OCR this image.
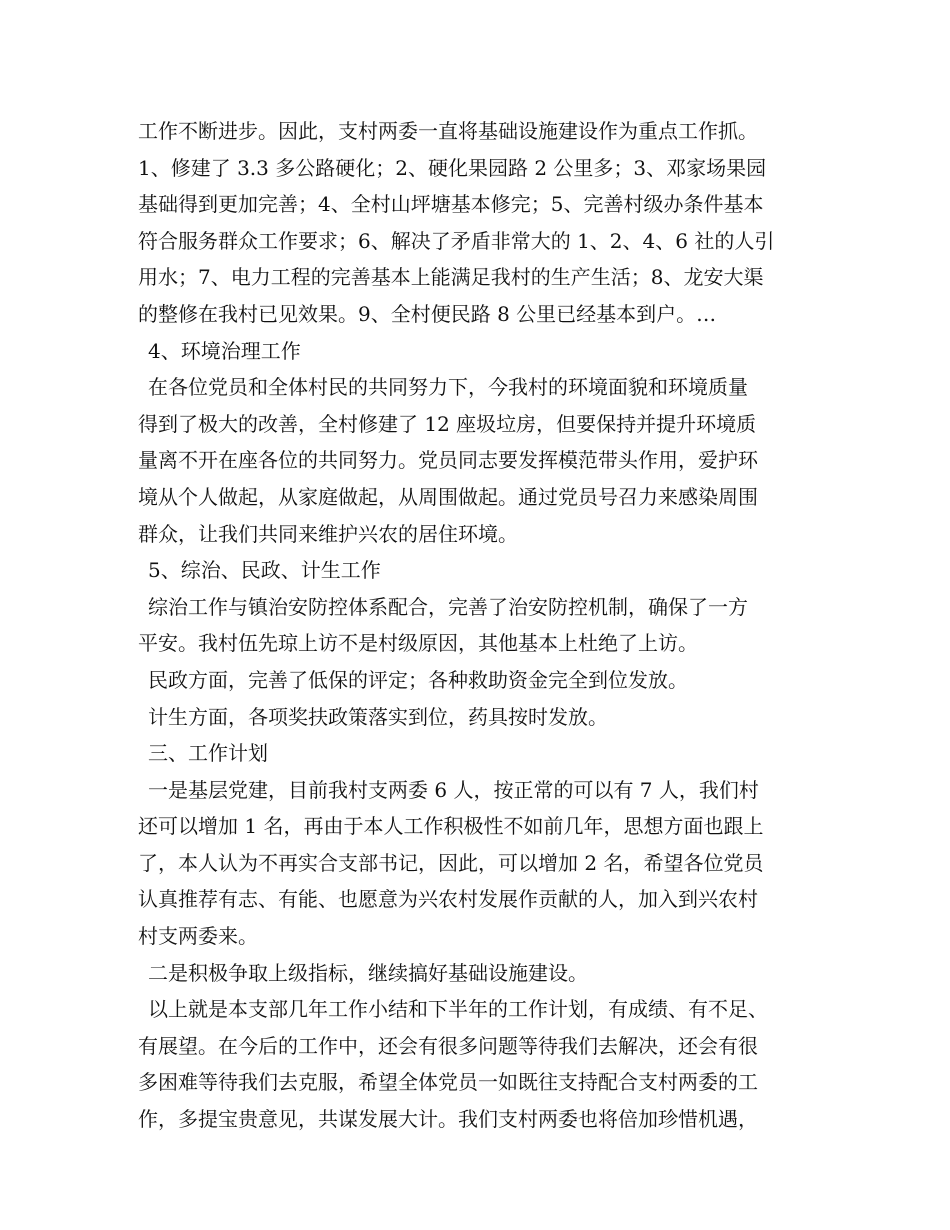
工作不断进步。因此，支村两委一直将基础设施建设作为重点工作抓。
1、修建了 3.3 多公路硬化；2、硬化果园路 2 公里多；3、邓家场果园
基础得到更加完善；4、全村山坪塘基本修完；5、完善村级办条件基本
符合服务群众工作要求；6、解决了矛盾非常大的 1、2、4、6 社的人引
用水；7、电力工程的完善基本上能满足我村的生产生活；8、龙安大渠
的整修在我村已见效果。9、全村便民路 8 公里已经基本到户。…
4、环境治理工作
在各位党员和全体村民的共同努力下，今我村的环境面貌和环境质量
得到了极大的改善，全村修建了 12 座圾垃房，但要保持并提升环境质
量离不开在座各位的共同努力。党员同志要发挥模范带头作用，爱护环
境从个人做起，从家庭做起，从周围做起。通过党员号召力来感染周围
群众，让我们共同来维护兴农的居住环境。
5、综治、民政、计生工作
综治工作与镇治安防控体系配合，完善了治安防控机制，确保了一方
平安。我村伍先琼上访不是村级原因，其他基本上杜绝了上访。
民政方面，完善了低保的评定；各种救助资金完全到位发放。
计生方面，各项奖扶政策落实到位，药具按时发放。
三、工作计划
一是基层党建，目前我村支两委 6 人，按正常的可以有 7 人，我们村
还可以增加 1 名，再由于本人工作积极性不如前几年，思想方面也跟上
了，本人认为不再实合支部书记，因此，可以增加 2 名，希望各位党员
认真推荐有志、有能、也愿意为兴农村发展作贡献的人，加入到兴农村
村支两委来。
二是积极争取上级指标，继续搞好基础设施建设。
以上就是本支部几年工作小结和下半年的工作计划，有成绩、有不足、
有展望。在今后的工作中，还会有很多问题等待我们去解决，还会有很
多困难等待我们去克服，希望全体党员一如既往支持配合支村两委的工
作，多提宝贵意见，共谋发展大计。我们支村两委也将倍加珍惜机遇，
